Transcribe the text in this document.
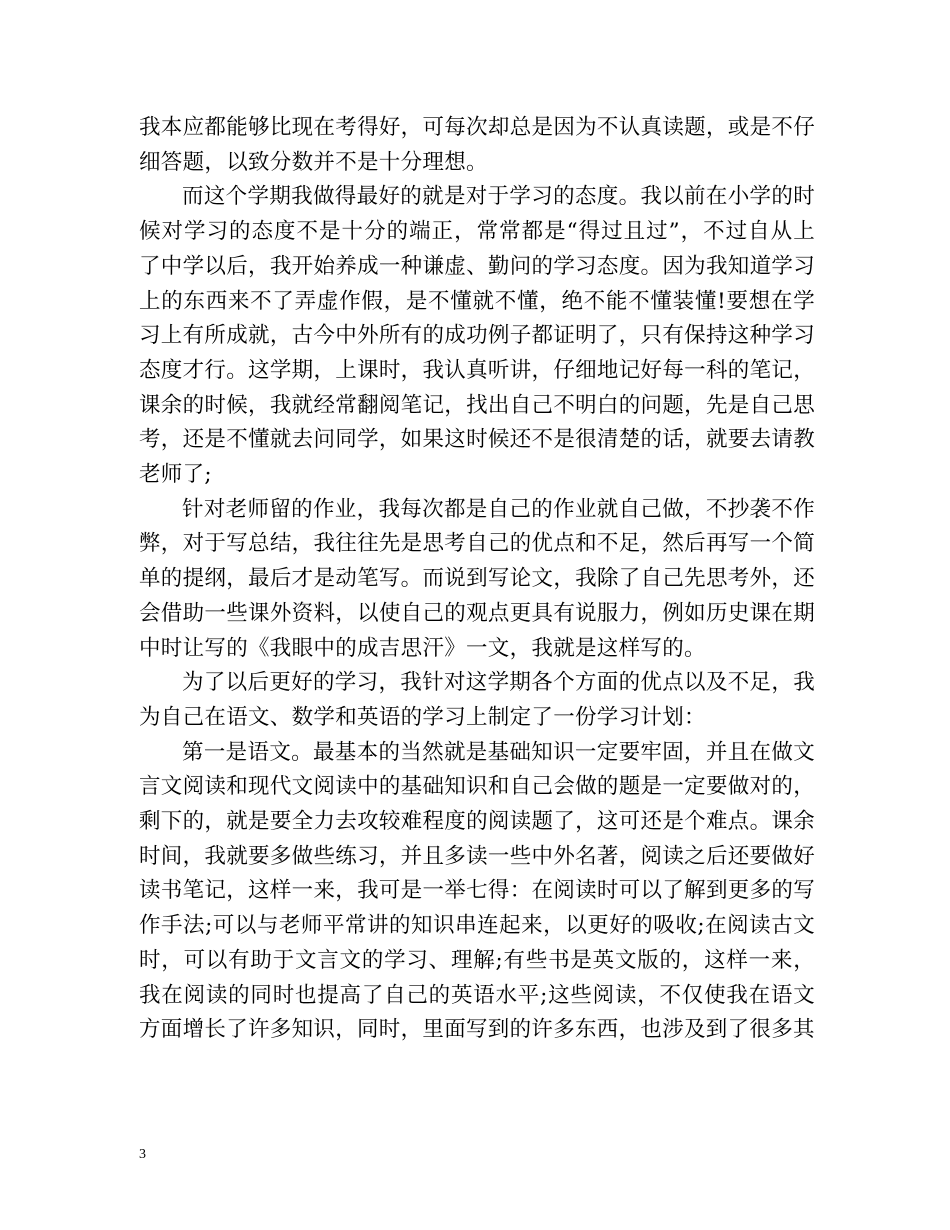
我本应都能够比现在考得好，可每次却总是因为不认真读题，或是不仔细答题，以致分数并不是十分理想。

而这个学期我做得最好的就是对于学习的态度。我以前在小学的时候对学习的态度不是十分的端正，常常都是“得过且过”，不过自从上了中学以后，我开始养成一种谦虚、勤问的学习态度。因为我知道学习上的东西来不了弄虚作假，是不懂就不懂，绝不能不懂装懂!要想在学习上有所成就，古今中外所有的成功例子都证明了，只有保持这种学习态度才行。这学期，上课时，我认真听讲，仔细地记好每一科的笔记，课余的时候，我就经常翻阅笔记，找出自己不明白的问题，先是自己思考，还是不懂就去问同学，如果这时候还不是很清楚的话，就要去请教老师了;

针对老师留的作业，我每次都是自己的作业就自己做，不抄袭不作弊，对于写总结，我往往先是思考自己的优点和不足，然后再写一个简单的提纲，最后才是动笔写。而说到写论文，我除了自己先思考外，还会借助一些课外资料，以使自己的观点更具有说服力，例如历史课在期中时让写的《我眼中的成吉思汗》一文，我就是这样写的。

为了以后更好的学习，我针对这学期各个方面的优点以及不足，我为自己在语文、数学和英语的学习上制定了一份学习计划：

第一是语文。最基本的当然就是基础知识一定要牢固，并且在做文言文阅读和现代文阅读中的基础知识和自己会做的题是一定要做对的，剩下的，就是要全力去攻较难程度的阅读题了，这可还是个难点。课余时间，我就要多做些练习，并且多读一些中外名著，阅读之后还要做好读书笔记，这样一来，我可是一举七得：在阅读时可以了解到更多的写作手法;可以与老师平常讲的知识串连起来，以更好的吸收;在阅读古文时，可以有助于文言文的学习、理解;有些书是英文版的，这样一来，我在阅读的同时也提高了自己的英语水平;这些阅读，不仅使我在语文方面增长了许多知识，同时，里面写到的许多东西，也涉及到了很多其

3
